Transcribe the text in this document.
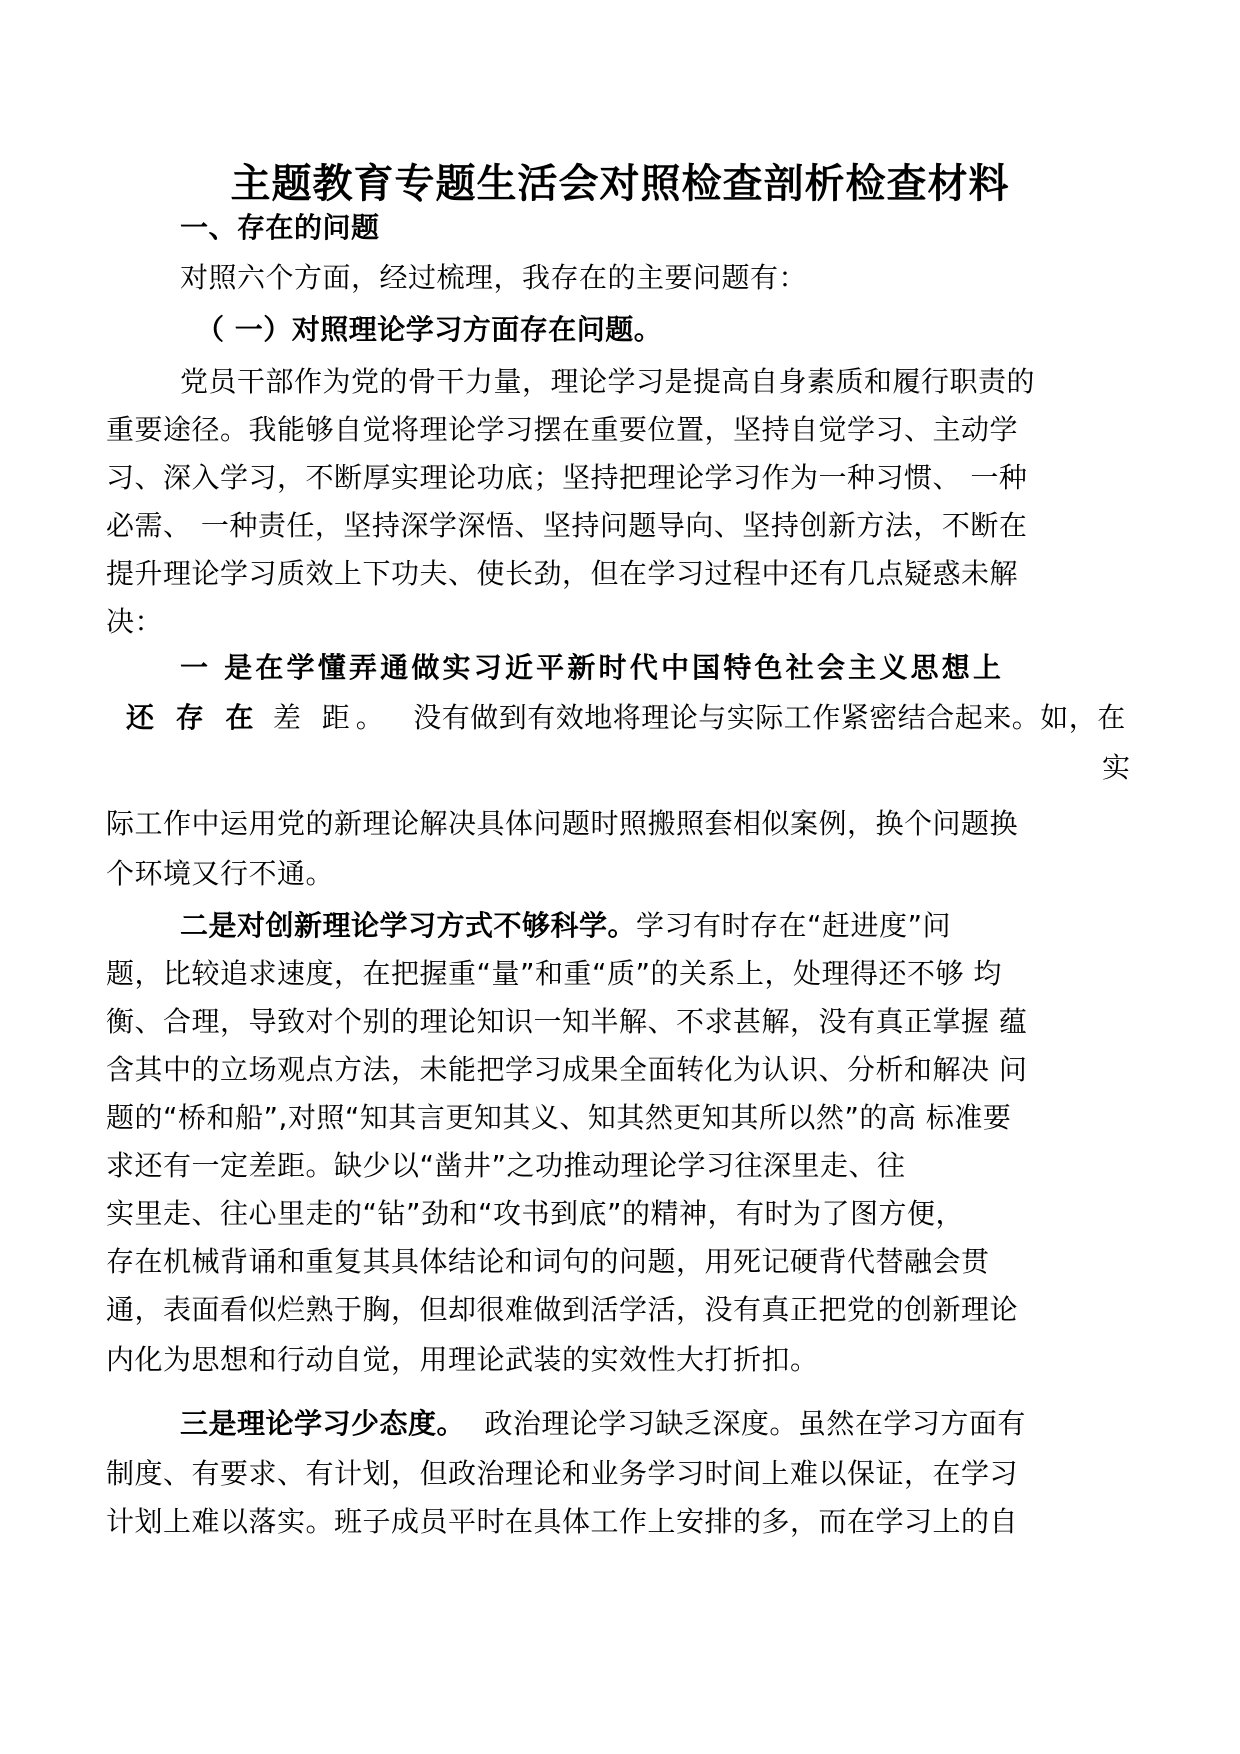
主题教育专题生活会对照检查剖析检查材料

一、存在的问题

对照六个方面，经过梳理，我存在的主要问题有：

（ 一）对照理论学习方面存在问题。

党员干部作为党的骨干力量，理论学习是提高自身素质和履行职责的

重要途径。我能够自觉将理论学习摆在重要位置，坚持自觉学习、主动学

习、深入学习，不断厚实理论功底；坚持把理论学习作为一种习惯、 一种

必需、 一种责任，坚持深学深悟、坚持问题导向、坚持创新方法，不断在

提升理论学习质效上下功夫、使长劲，但在学习过程中还有几点疑惑未解

决：

一 是在学懂弄通做实习近平新时代中国特色社会主义思想上

还 存 在 差 距。 没有做到有效地将理论与实际工作紧密结合起来。如，在

实

际工作中运用党的新理论解决具体问题时照搬照套相似案例，换个问题换

个环境又行不通。

二是对创新理论学习方式不够科学。学习有时存在“赶进度”问

题，比较追求速度，在把握重“量”和重“质”的关系上，处理得还不够 均

衡、合理，导致对个别的理论知识一知半解、不求甚解，没有真正掌握 蕴

含其中的立场观点方法，未能把学习成果全面转化为认识、分析和解决 问

题的“桥和船”,对照“知其言更知其义、知其然更知其所以然”的高 标准要

求还有一定差距。缺少以“凿井”之功推动理论学习往深里走、往

实里走、往心里走的“钻”劲和“攻书到底”的精神，有时为了图方便，

存在机械背诵和重复其具体结论和词句的问题，用死记硬背代替融会贯

通，表面看似烂熟于胸，但却很难做到活学活，没有真正把党的创新理论

内化为思想和行动自觉，用理论武装的实效性大打折扣。

三是理论学习少态度。 政治理论学习缺乏深度。虽然在学习方面有

制度、有要求、有计划，但政治理论和业务学习时间上难以保证，在学习

计划上难以落实。班子成员平时在具体工作上安排的多，而在学习上的自
